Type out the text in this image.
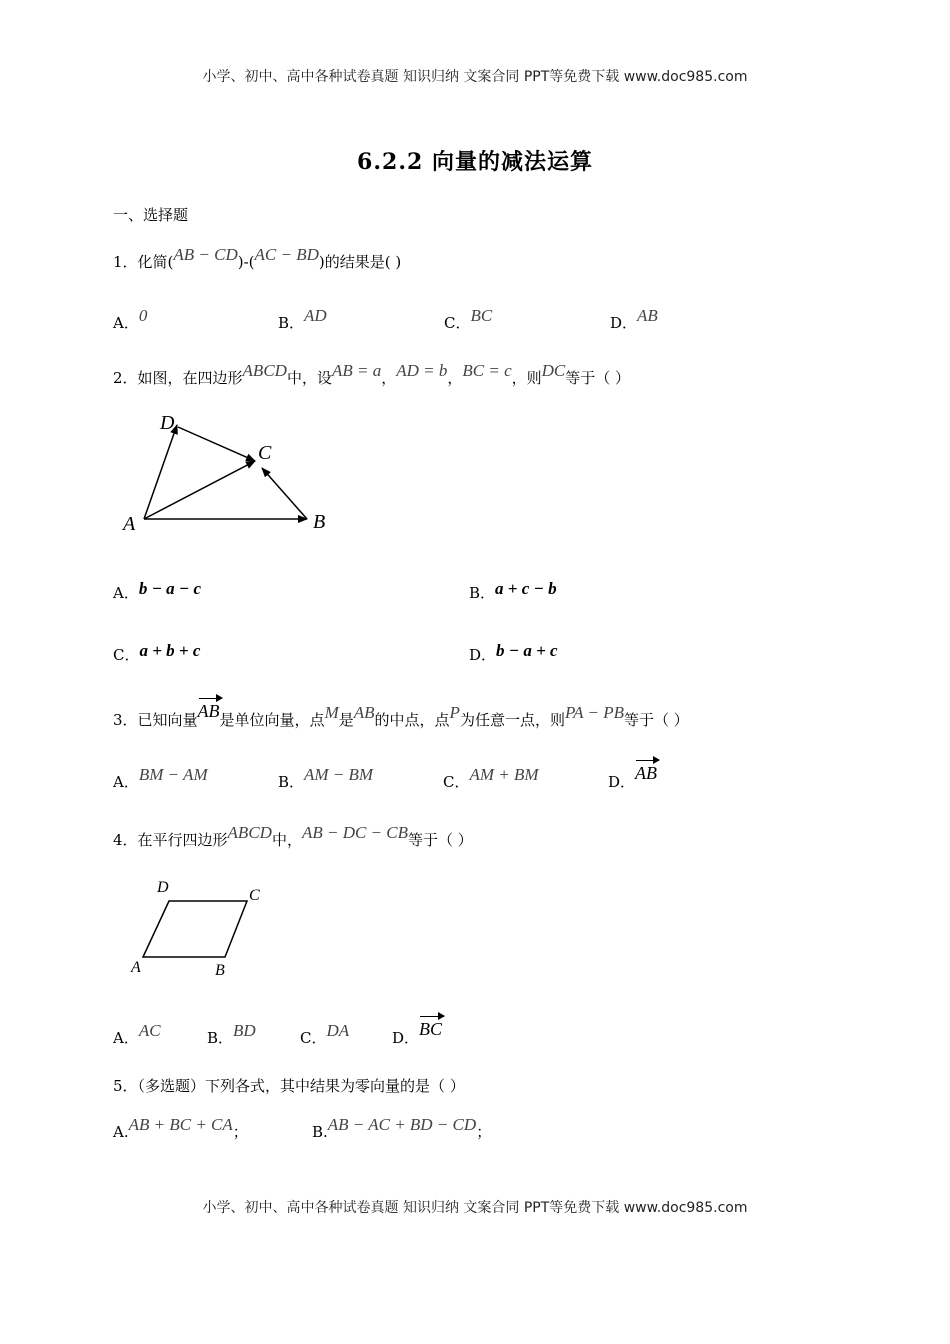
小学、初中、高中各种试卷真题 知识归纳 文案合同 PPT等免费下载 www.doc985.com
6.2.2 向量的减法运算
一、选择题
1．化简(AB − CD)-(AC − BD)的结果是( )
A．0	B．AD	C．BC	D．AB
2．如图，在四边形ABCD中，设AB = a，AD = b，BC = c，则DC等于（ ）
A	B
C
D
A．b − a − c	B．a + c − b
C．a + b + c	D．b − a + c
3．已知向量AB是单位向量，点M是AB的中点，点P为任意一点，则PA − PB等于（ ）
A．BM − AM	B．AM − BM	C．AM + BM	D．AB
4．在平行四边形ABCD中，AB − DC − CB等于（ ）
A	B
C
D
A．AC	B．BD	C．DA	D．BC
5．（多选题）下列各式，其中结果为零向量的是（ ）
A.AB + BC + CA；	B.AB − AC + BD − CD；
小学、初中、高中各种试卷真题 知识归纳 文案合同 PPT等免费下载 www.doc985.com
